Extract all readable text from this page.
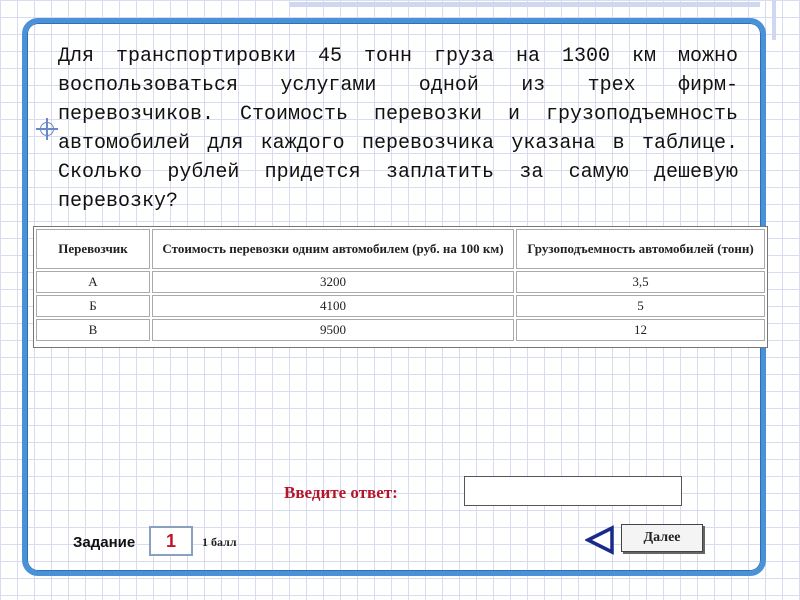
Для транспортировки 45 тонн груза на 1300 км можно воспользоваться услугами одной из трех фирм-перевозчиков. Стоимость перевозки и грузоподъемность автомобилей для каждого перевозчика указана в таблице. Сколько рублей придется заплатить за самую дешевую перевозку?

Перевозчик	Стоимость перевозки одним автомобилем (руб. на 100 км)	Грузоподъемность автомобилей (тонн)
А	3200	3,5
Б	4100	5
В	9500	12
Введите ответ:
Задание	1	1 балл	Далее
